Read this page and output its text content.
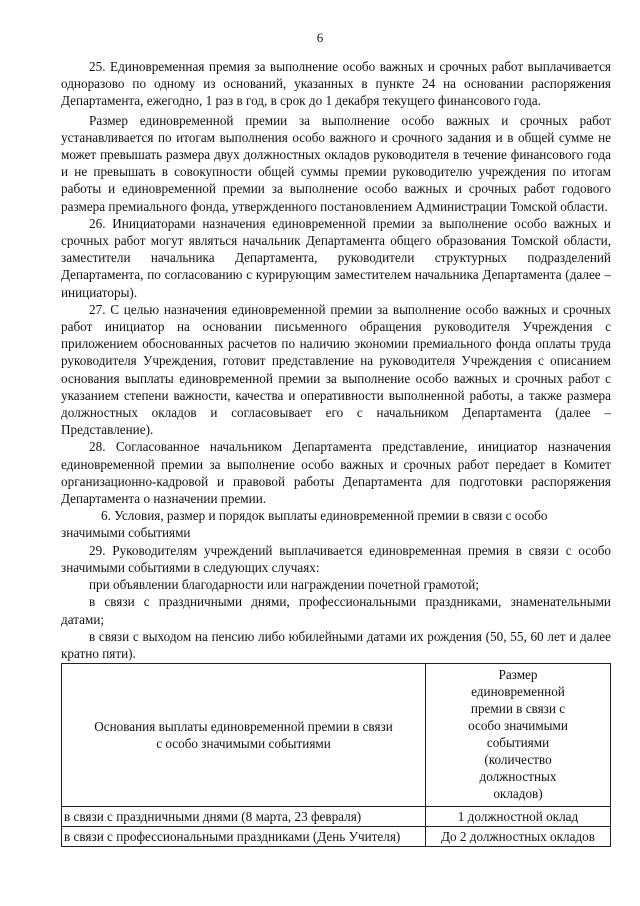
6

25. Единовременная премия за выполнение особо важных и срочных работ выплачивается одноразово по одному из оснований, указанных в пункте 24 на основании распоряжения Департамента, ежегодно, 1 раз в год, в срок до 1 декабря текущего финансового года.

Размер единовременной премии за выполнение особо важных и срочных работ устанавливается по итогам выполнения особо важного и срочного задания и в общей сумме не может превышать размера двух должностных окладов руководителя в течение финансового года и не превышать в совокупности общей суммы премии руководителю учреждения по итогам работы и единовременной премии за выполнение особо важных и срочных работ годового размера премиального фонда, утвержденного постановлением Администрации Томской области.

26. Инициаторами назначения единовременной премии за выполнение особо важных и срочных работ могут являться начальник Департамента общего образования Томской области, заместители начальника Департамента, руководители структурных подразделений Департамента, по согласованию с курирующим заместителем начальника Департамента (далее – инициаторы).

27. С целью назначения единовременной премии за выполнение особо важных и срочных работ инициатор на основании письменного обращения руководителя Учреждения с приложением обоснованных расчетов по наличию экономии премиального фонда оплаты труда руководителя Учреждения, готовит представление на руководителя Учреждения с описанием основания выплаты единовременной премии за выполнение особо важных и срочных работ с указанием степени важности, качества и оперативности выполненной работы, а также размера должностных окладов и согласовывает его с начальником Департамента (далее – Представление).

28. Согласованное начальником Департамента представление, инициатор назначения единовременной премии за выполнение особо важных и срочных работ передает в Комитет организационно-кадровой и правовой работы Департамента для подготовки распоряжения Департамента о назначении премии.

6. Условия, размер и порядок выплаты единовременной премии в связи с особо
значимыми событиями

29. Руководителям учреждений выплачивается единовременная премия в связи с особо значимыми событиями в следующих случаях:

при объявлении благодарности или награждении почетной грамотой;

в связи с праздничными днями, профессиональными праздниками, знаменательными датами;

в связи с выходом на пенсию либо юбилейными датами их рождения (50, 55, 60 лет и далее кратно пяти).

Основания выплаты единовременной премии в связи с особо значимыми событиями	Размер единовременной премии в связи с особо значимыми событиями (количество должностных окладов)
в связи с праздничными днями (8 марта, 23 февраля)	1 должностной оклад
в связи с профессиональными праздниками (День Учителя)	До 2 должностных окладов
